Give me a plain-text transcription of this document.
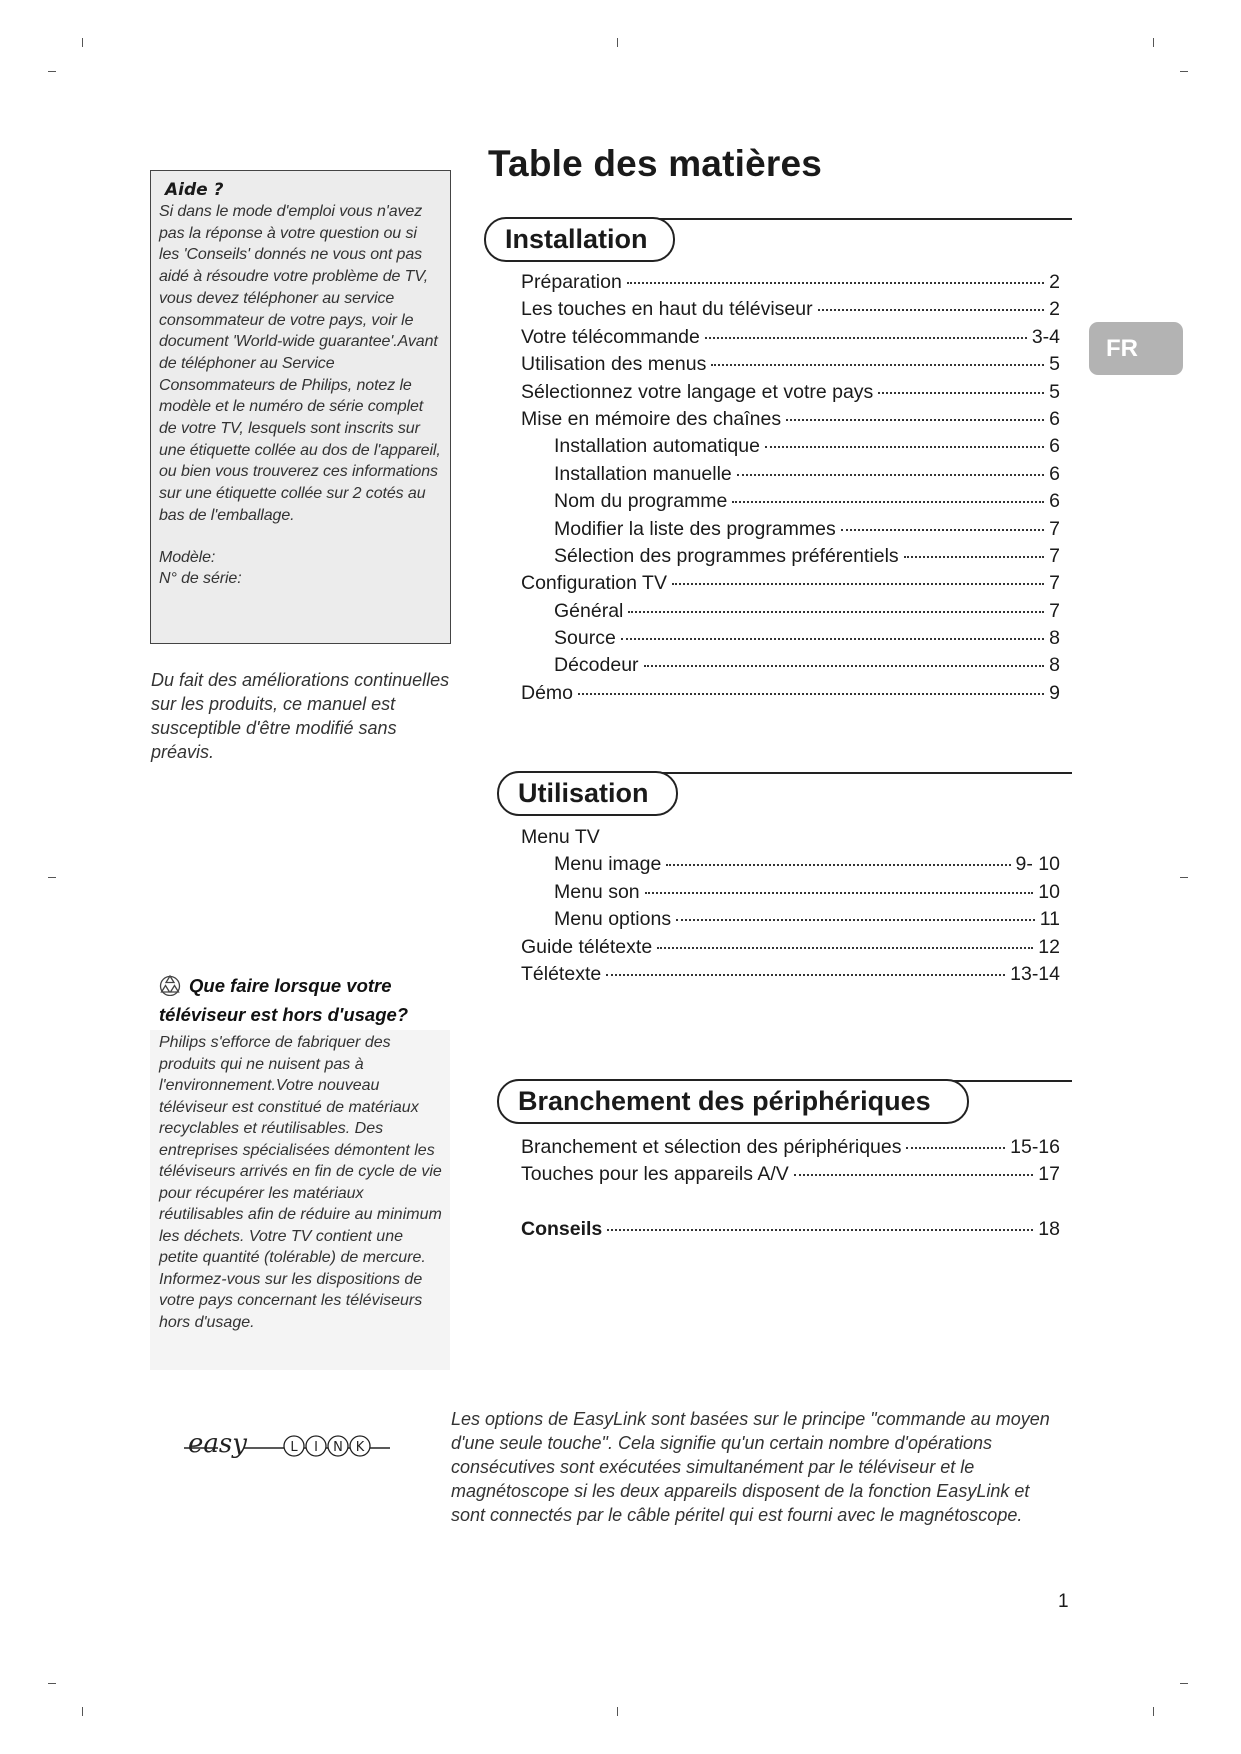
Aide ?
Si dans le mode d'emploi vous n'avez pas la réponse à votre question ou si les 'Conseils' donnés ne vous ont pas aidé à résoudre votre problème de TV, vous devez téléphoner au service consommateur de votre pays, voir le document 'World-wide guarantee'.Avant de téléphoner au Service Consommateurs de Philips, notez le modèle et le numéro de série complet de votre TV, lesquels sont inscrits sur une étiquette collée au dos de l'appareil, ou bien vous trouverez ces informations sur une étiquette collée sur 2 cotés au bas de l'emballage.
Modèle:
N° de série:
Du fait des améliorations continuelles sur les produits, ce manuel est susceptible d'être modifié sans préavis.
Que faire lorsque votre téléviseur est hors d'usage?
Philips s'efforce de fabriquer des produits qui ne nuisent pas à l'environnement.Votre nouveau téléviseur est constitué de matériaux recyclables et réutilisables. Des entreprises spécialisées démontent les téléviseurs arrivés en fin de cycle de vie pour récupérer les matériaux réutilisables afin de réduire au minimum les déchets. Votre TV contient une petite quantité (tolérable) de mercure. Informez-vous sur les dispositions de votre pays concernant les téléviseurs hors d'usage.
easy	L I N K
Les options de EasyLink sont basées sur le principe "commande au moyen d'une seule touche". Cela signifie qu'un certain nombre d'opérations consécutives sont exécutées simultanément par le téléviseur et le magnétoscope si les deux appareils disposent de la fonction EasyLink et sont connectés par le câble péritel qui est fourni avec le magnétoscope.
Table des matières
Installation
Préparation	2
Les touches en haut du téléviseur	2
Votre télécommande	3-4
Utilisation des menus	5
Sélectionnez votre langage et votre pays	5
Mise en mémoire des chaînes	6
Installation automatique	6
Installation manuelle	6
Nom du programme	6
Modifier la liste des programmes	7
Sélection des programmes préférentiels	7
Configuration TV	7
Général	7
Source	8
Décodeur	8
Démo	9
Utilisation
Menu TV
Menu image	9- 10
Menu son	10
Menu options	11
Guide télétexte	12
Télétexte	13-14
Branchement des périphériques
Branchement et sélection des périphériques	15-16
Touches pour les appareils A/V	17
Conseils	18
FR
1
